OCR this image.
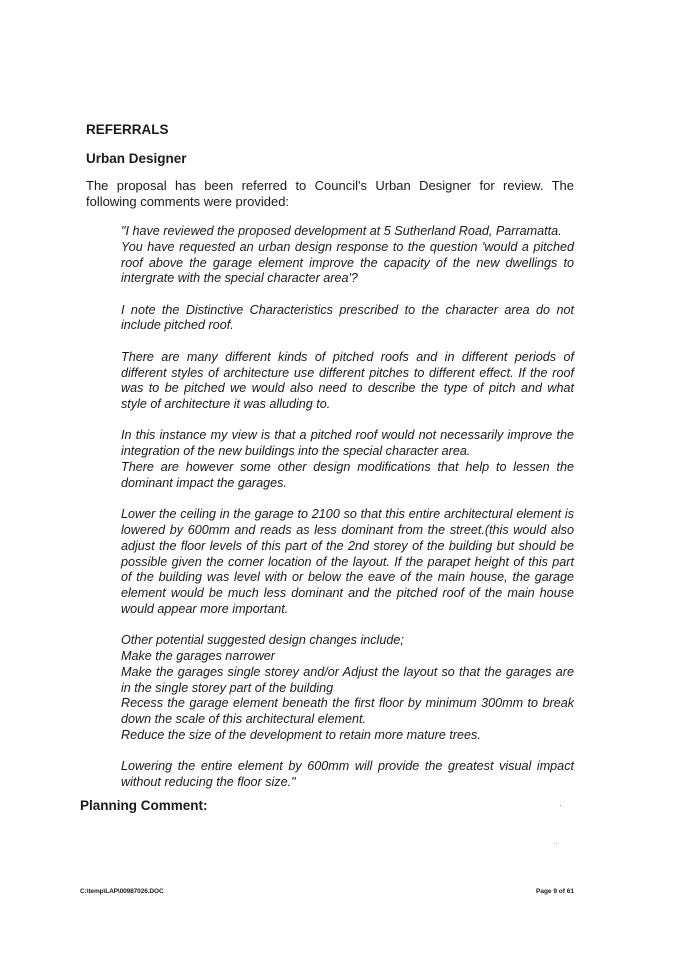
REFERRALS
Urban Designer

The proposal has been referred to Council's Urban Designer for review. The following comments were provided:

"I have reviewed the proposed development at 5 Sutherland Road, Parramatta.
You have requested an urban design response to the question 'would a pitched roof above the garage element improve the capacity of the new dwellings to intergrate with the special character area'?

I note the Distinctive Characteristics prescribed to the character area do not include pitched roof.

There are many different kinds of pitched roofs and in different periods of different styles of architecture use different pitches to different effect. If the roof was to be pitched we would also need to describe the type of pitch and what style of architecture it was alluding to.

In this instance my view is that a pitched roof would not necessarily improve the integration of the new buildings into the special character area.
There are however some other design modifications that help to lessen the dominant impact the garages.

Lower the ceiling in the garage to 2100 so that this entire architectural element is lowered by 600mm and reads as less dominant from the street.(this would also adjust the floor levels of this part of the 2nd storey of the building but should be possible given the corner location of the layout. If the parapet height of this part of the building was level with or below the eave of the main house, the garage element would be much less dominant and the pitched roof of the main house would appear more important.

Other potential suggested design changes include;
Make the garages narrower
Make the garages single storey and/or Adjust the layout so that the garages are in the single storey part of the building
Recess the garage element beneath the first floor by minimum 300mm to break down the scale of this architectural element.
Reduce the size of the development to retain more mature trees.

Lowering the entire element by 600mm will provide the greatest visual impact without reducing the floor size."

Planning Comment:
C:\temp\LAP\00987026.DOC	Page 9 of 61
